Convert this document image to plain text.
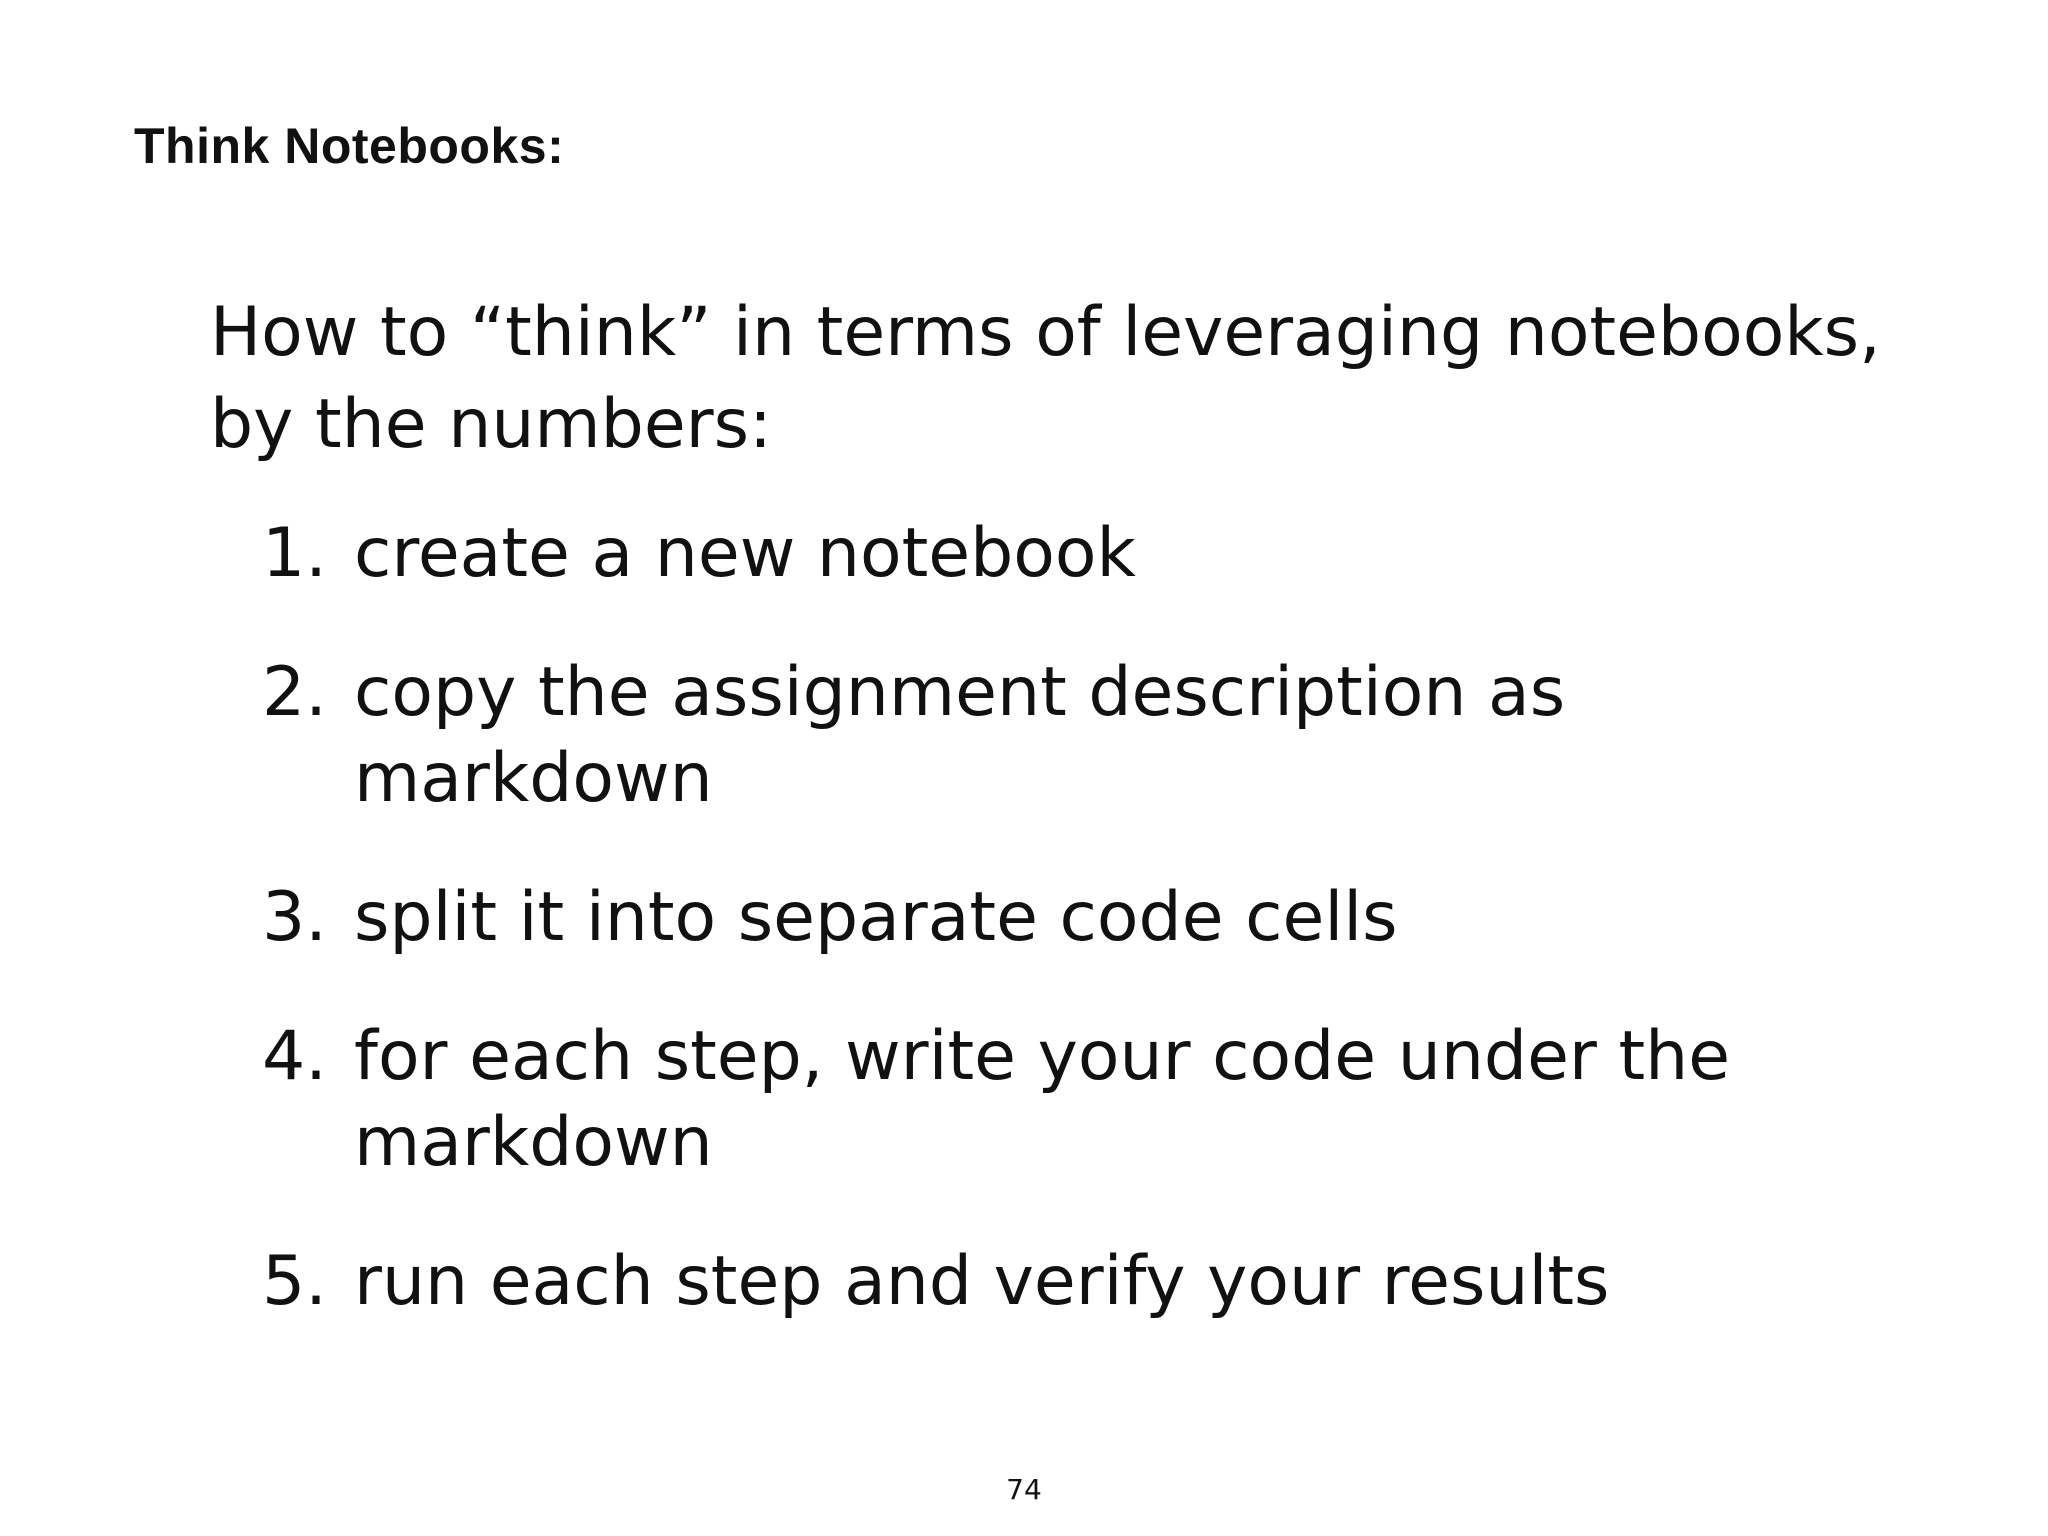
Think Notebooks:

How to “think” in terms of leveraging notebooks, by the numbers:

1. create a new notebook
2. copy the assignment description as markdown
3. split it into separate code cells
4. for each step, write your code under the markdown
5. run each step and verify your results
74
